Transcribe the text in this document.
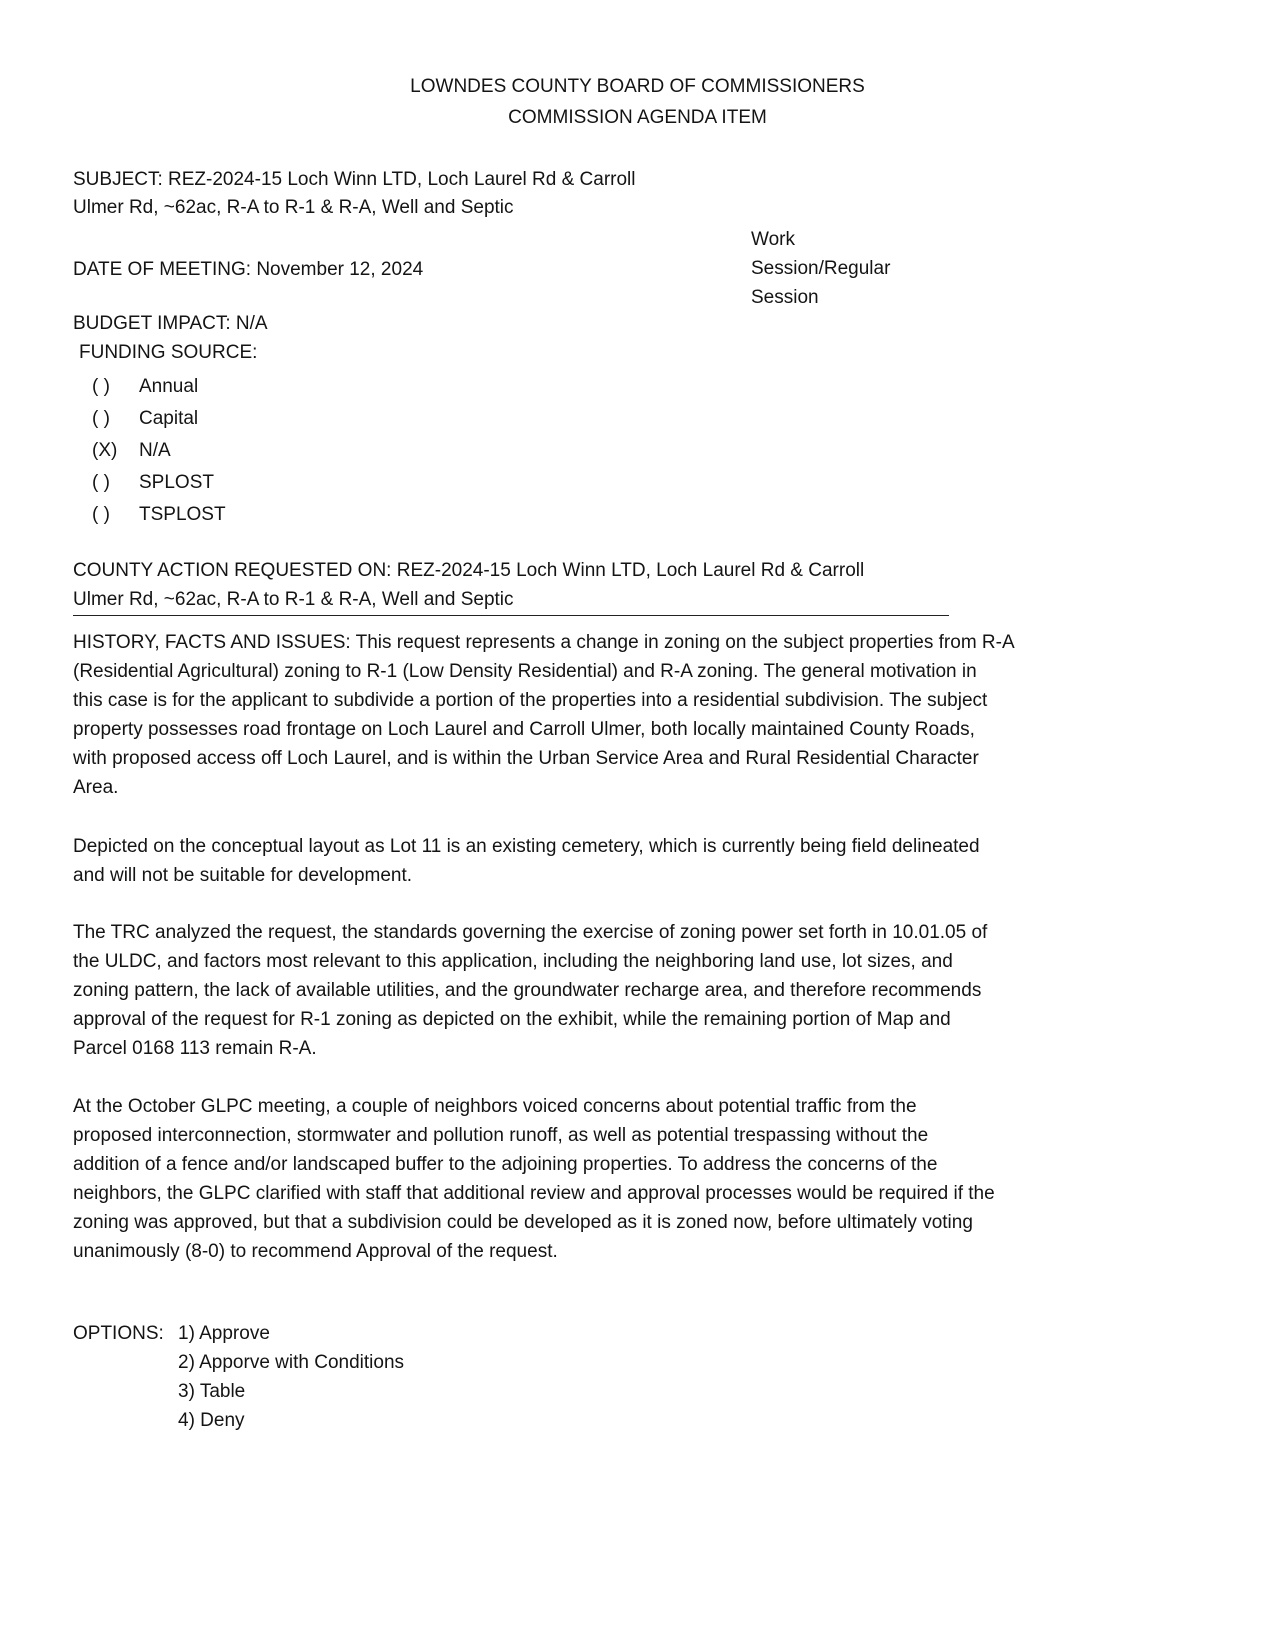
LOWNDES COUNTY BOARD OF COMMISSIONERS
COMMISSION AGENDA ITEM
SUBJECT: REZ-2024-15 Loch Winn LTD, Loch Laurel Rd & Carroll
Ulmer Rd, ~62ac, R-A to R-1 & R-A, Well and Septic
Work
Session/Regular
Session
DATE OF MEETING: November 12, 2024
BUDGET IMPACT: N/A
FUNDING SOURCE:
( ) Annual
( ) Capital
(X) N/A
( ) SPLOST
( ) TSPLOST
COUNTY ACTION REQUESTED ON: REZ-2024-15 Loch Winn LTD, Loch Laurel Rd & Carroll
Ulmer Rd, ~62ac, R-A to R-1 & R-A, Well and Septic
HISTORY, FACTS AND ISSUES: This request represents a change in zoning on the subject properties from R-A
(Residential Agricultural) zoning to R-1 (Low Density Residential) and R-A zoning. The general motivation in
this case is for the applicant to subdivide a portion of the properties into a residential subdivision. The subject
property possesses road frontage on Loch Laurel and Carroll Ulmer, both locally maintained County Roads,
with proposed access off Loch Laurel, and is within the Urban Service Area and Rural Residential Character
Area.
Depicted on the conceptual layout as Lot 11 is an existing cemetery, which is currently being field delineated
and will not be suitable for development.
The TRC analyzed the request, the standards governing the exercise of zoning power set forth in 10.01.05 of
the ULDC, and factors most relevant to this application, including the neighboring land use, lot sizes, and
zoning pattern, the lack of available utilities, and the groundwater recharge area, and therefore recommends
approval of the request for R-1 zoning as depicted on the exhibit, while the remaining portion of Map and
Parcel 0168 113 remain R-A.
At the October GLPC meeting, a couple of neighbors voiced concerns about potential traffic from the
proposed interconnection, stormwater and pollution runoff, as well as potential trespassing without the
addition of a fence and/or landscaped buffer to the adjoining properties. To address the concerns of the
neighbors, the GLPC clarified with staff that additional review and approval processes would be required if the
zoning was approved, but that a subdivision could be developed as it is zoned now, before ultimately voting
unanimously (8-0) to recommend Approval of the request.
OPTIONS: 1) Approve
2) Apporve with Conditions
3) Table
4) Deny
